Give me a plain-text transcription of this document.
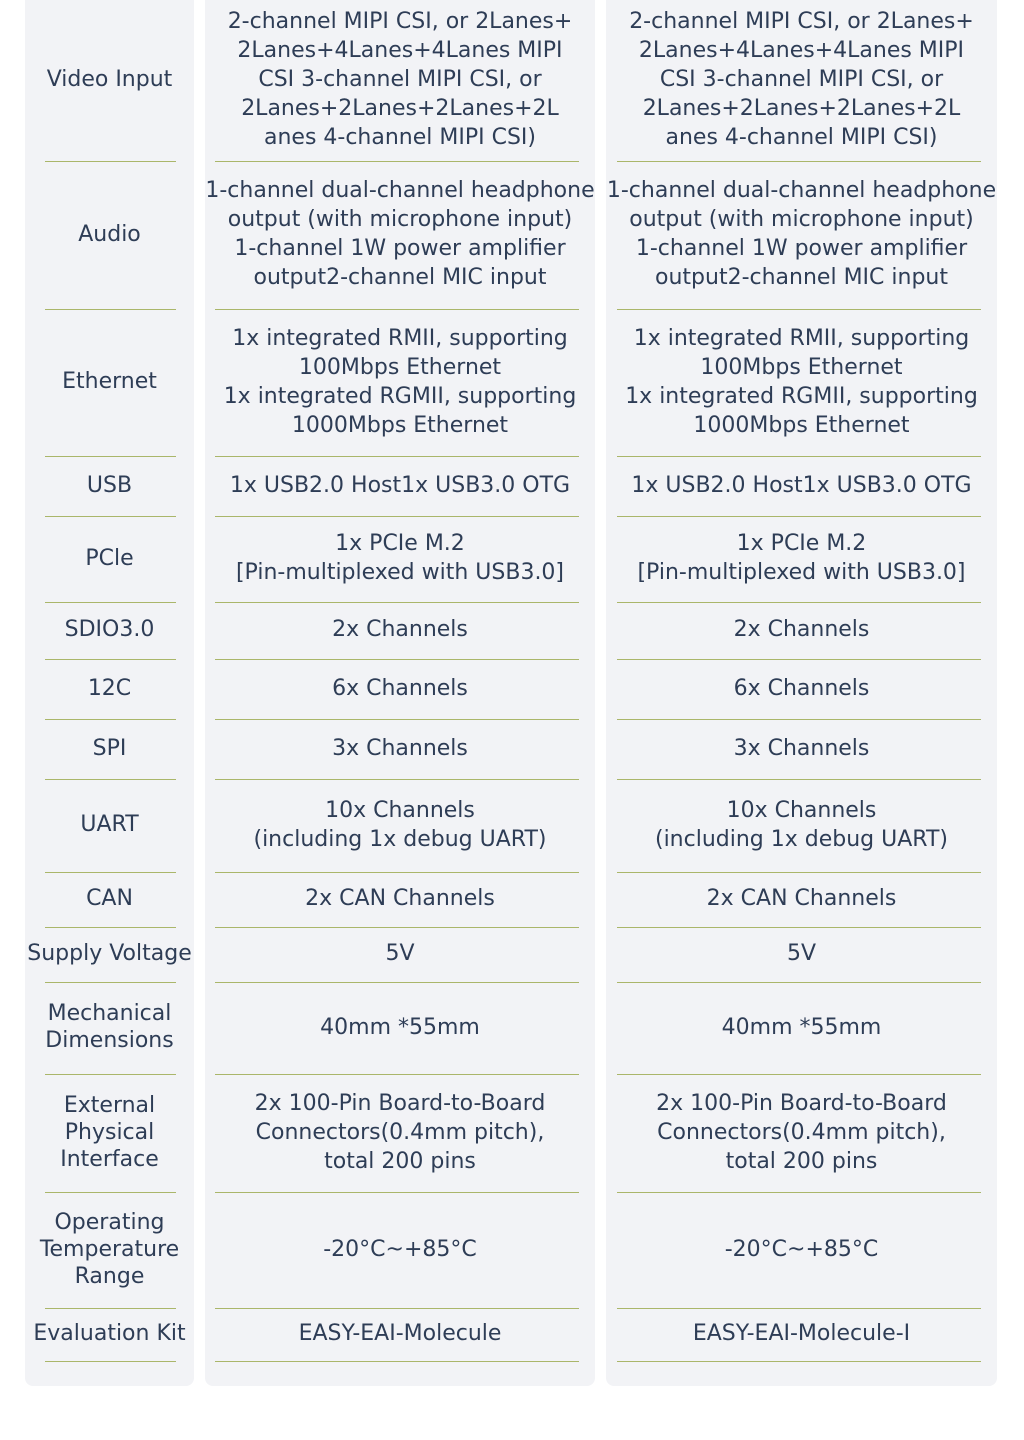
Video Input
Audio
Ethernet
USB
PCle
SDIO3.0
12C
SPI
UART
CAN
Supply Voltage
Mechanical
Dimensions
External
Physical
Interface
Operating
Temperature
Range
Evaluation Kit
2-channel MIPI CSI, or 2Lanes+
2Lanes+4Lanes+4Lanes MIPI
CSI 3-channel MIPI CSI, or
2Lanes+2Lanes+2Lanes+2L
anes 4-channel MIPI CSI)
1-channel dual-channel headphone
output (with microphone input)
1-channel 1W power amplifier
output2-channel MIC input
1x integrated RMII, supporting
100Mbps Ethernet
1x integrated RGMII, supporting
1000Mbps Ethernet
1x USB2.0 Host1x USB3.0 OTG
1x PCIe M.2
[Pin-multiplexed with USB3.0]
2x Channels
6x Channels
3x Channels
10x Channels
(including 1x debug UART)
2x CAN Channels
5V
40mm *55mm
2x 100-Pin Board-to-Board
Connectors(0.4mm pitch),
total 200 pins
-20°C~+85°C
EASY-EAI-Molecule
2-channel MIPI CSI, or 2Lanes+
2Lanes+4Lanes+4Lanes MIPI
CSI 3-channel MIPI CSI, or
2Lanes+2Lanes+2Lanes+2L
anes 4-channel MIPI CSI)
1-channel dual-channel headphone
output (with microphone input)
1-channel 1W power amplifier
output2-channel MIC input
1x integrated RMII, supporting
100Mbps Ethernet
1x integrated RGMII, supporting
1000Mbps Ethernet
1x USB2.0 Host1x USB3.0 OTG
1x PCIe M.2
[Pin-multiplexed with USB3.0]
2x Channels
6x Channels
3x Channels
10x Channels
(including 1x debug UART)
2x CAN Channels
5V
40mm *55mm
2x 100-Pin Board-to-Board
Connectors(0.4mm pitch),
total 200 pins
-20°C~+85°C
EASY-EAI-Molecule-I
